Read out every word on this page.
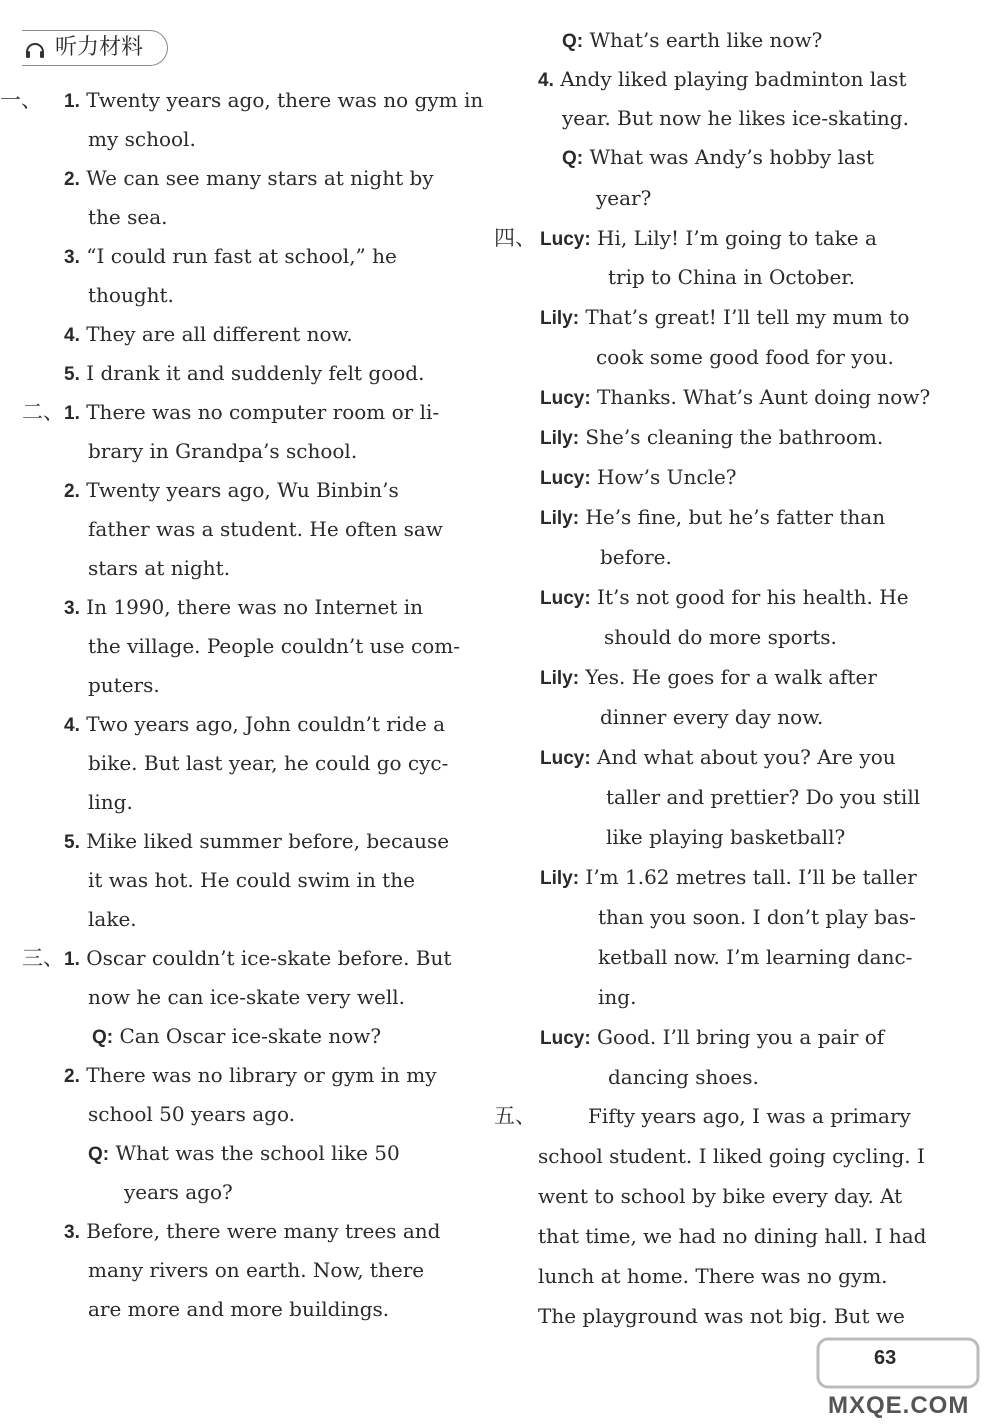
听力材料
一、 1. Twenty years ago, there was no gym in
my school.
2. We can see many stars at night by
the sea.
3. “I could run fast at school,” he
thought.
4. They are all different now.
5. I drank it and suddenly felt good.
二、 1. There was no computer room or li-
brary in Grandpa’s school.
2. Twenty years ago, Wu Binbin’s
father was a student. He often saw
stars at night.
3. In 1990, there was no Internet in
the village. People couldn’t use com-
puters.
4. Two years ago, John couldn’t ride a
bike. But last year, he could go cyc-
ling.
5. Mike liked summer before, because
it was hot. He could swim in the
lake.
三、 1. Oscar couldn’t ice-skate before. But
now he can ice-skate very well.
Q: Can Oscar ice-skate now?
2. There was no library or gym in my
school 50 years ago.
Q: What was the school like 50
years ago?
3. Before, there were many trees and
many rivers on earth. Now, there
are more and more buildings.
Q: What’s earth like now?
4. Andy liked playing badminton last
year. But now he likes ice-skating.
Q: What was Andy’s hobby last
year?
四、 Lucy: Hi, Lily! I’m going to take a
trip to China in October.
Lily: That’s great! I’ll tell my mum to
cook some good food for you.
Lucy: Thanks. What’s Aunt doing now?
Lily: She’s cleaning the bathroom.
Lucy: How’s Uncle?
Lily: He’s fine, but he’s fatter than
before.
Lucy: It’s not good for his health. He
should do more sports.
Lily: Yes. He goes for a walk after
dinner every day now.
Lucy: And what about you? Are you
taller and prettier? Do you still
like playing basketball?
Lily: I’m 1.62 metres tall. I’ll be taller
than you soon. I don’t play bas-
ketball now. I’m learning danc-
ing.
Lucy: Good. I’ll bring you a pair of
dancing shoes.
五、	Fifty years ago, I was a primary
school student. I liked going cycling. I
went to school by bike every day. At
that time, we had no dining hall. I had
lunch at home. There was no gym.
The playground was not big. But we
63
MXQE.COM
